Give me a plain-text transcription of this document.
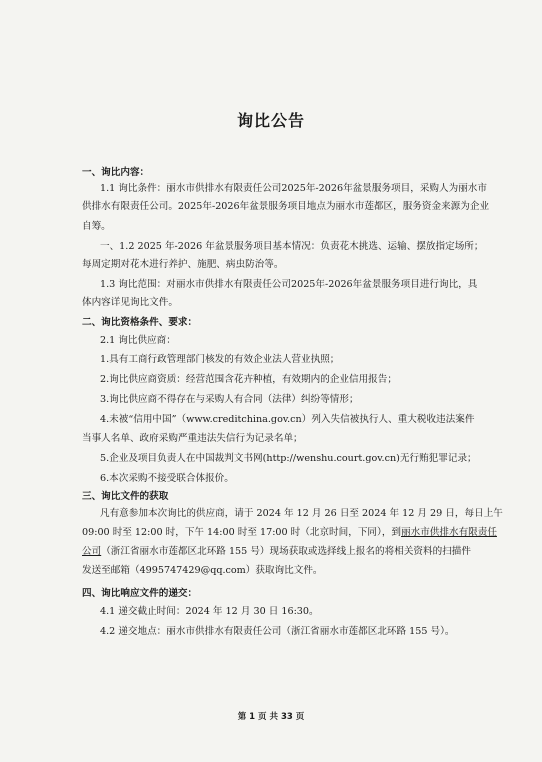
询比公告
一、询比内容：
1.1 询比条件：丽水市供排水有限责任公司2025年-2026年盆景服务项目，采购人为丽水市
供排水有限责任公司。2025年-2026年盆景服务项目地点为丽水市莲都区，服务资金来源为企业
自筹。
一、1.2 2025 年-2026 年盆景服务项目基本情况：负责花木挑选、运输、摆放指定场所；
每周定期对花木进行养护、施肥、病虫防治等。
1.3 询比范围：对丽水市供排水有限责任公司2025年-2026年盆景服务项目进行询比，具
体内容详见询比文件。
二、询比资格条件、要求：
2.1 询比供应商：
1.具有工商行政管理部门核发的有效企业法人营业执照；
2.询比供应商资质：经营范围含花卉种植，有效期内的企业信用报告；
3.询比供应商不得存在与采购人有合同（法律）纠纷等情形；
4.未被“信用中国”（www.creditchina.gov.cn）列入失信被执行人、重大税收违法案件
当事人名单、政府采购严重违法失信行为记录名单；
5.企业及项目负责人在中国裁判文书网(http://wenshu.court.gov.cn)无行贿犯罪记录；
6.本次采购不接受联合体报价。
三、询比文件的获取
凡有意参加本次询比的供应商，请于 2024 年 12 月 26 日至 2024 年 12 月 29 日，每日上午
09:00 时至 12:00 时，下午 14:00 时至 17:00 时（北京时间，下同），到丽水市供排水有限责任
公司（浙江省丽水市莲都区北环路 155 号）现场获取或选择线上报名的将相关资料的扫描件
发送至邮箱（4995747429@qq.com）获取询比文件。
四、询比响应文件的递交：
4.1 递交截止时间：2024 年 12 月 30 日 16:30。
4.2 递交地点：丽水市供排水有限责任公司（浙江省丽水市莲都区北环路 155 号）。
第 1 页 共 33 页
